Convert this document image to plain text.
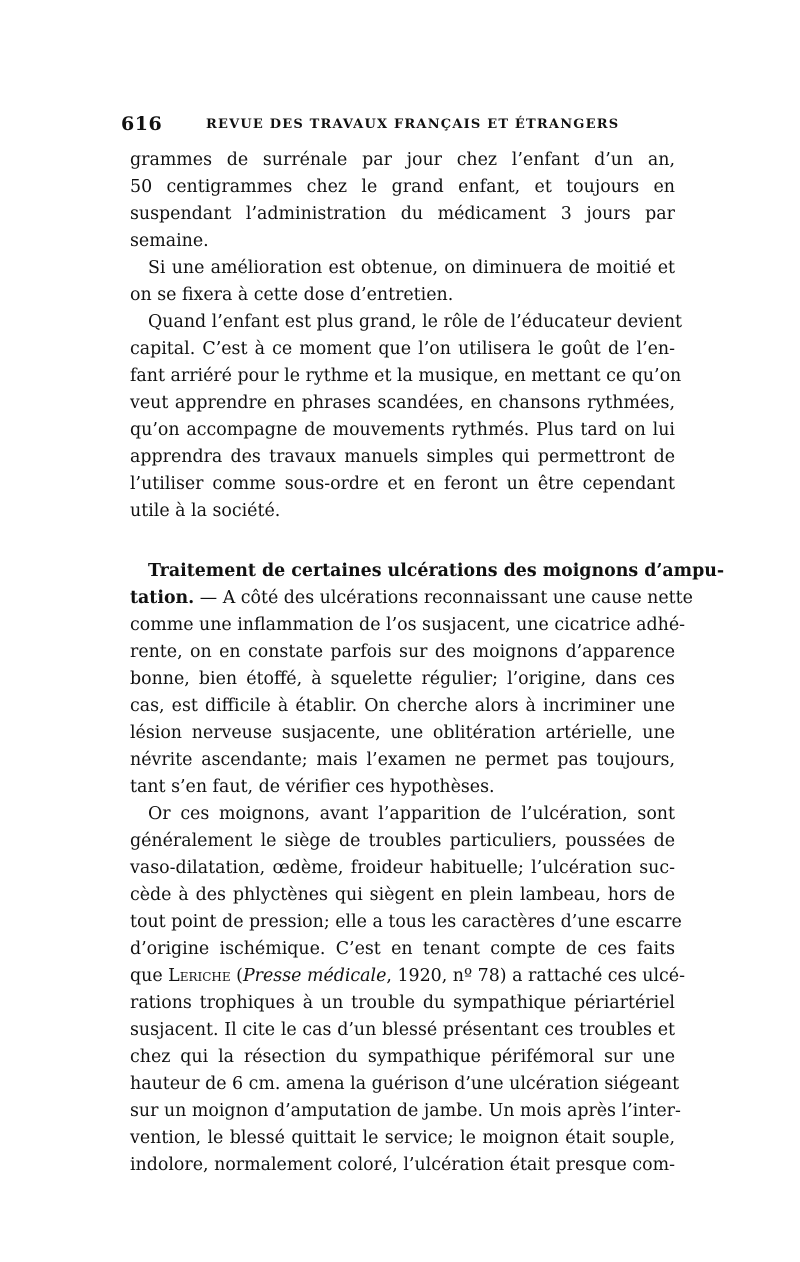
616	REVUE DES TRAVAUX FRANÇAIS ET ÉTRANGERS
grammes de surrénale par jour chez l’enfant d’un an,
50 centigrammes chez le grand enfant, et toujours en
suspendant l’administration du médicament 3 jours par
semaine.
Si une amélioration est obtenue, on diminuera de moitié et
on se fixera à cette dose d’entretien.
Quand l’enfant est plus grand, le rôle de l’éducateur devient
capital. C’est à ce moment que l’on utilisera le goût de l’en-
fant arriéré pour le rythme et la musique, en mettant ce qu’on
veut apprendre en phrases scandées, en chansons rythmées,
qu’on accompagne de mouvements rythmés. Plus tard on lui
apprendra des travaux manuels simples qui permettront de
l’utiliser comme sous-ordre et en feront un être cependant
utile à la société.
Traitement de certaines ulcérations des moignons d’ampu-
tation. — A côté des ulcérations reconnaissant une cause nette
comme une inflammation de l’os susjacent, une cicatrice adhé-
rente, on en constate parfois sur des moignons d’apparence
bonne, bien étoffé, à squelette régulier; l’origine, dans ces
cas, est difficile à établir. On cherche alors à incriminer une
lésion nerveuse susjacente, une oblitération artérielle, une
névrite ascendante; mais l’examen ne permet pas toujours,
tant s’en faut, de vérifier ces hypothèses.
Or ces moignons, avant l’apparition de l’ulcération, sont
généralement le siège de troubles particuliers, poussées de
vaso-dilatation, œdème, froideur habituelle; l’ulcération suc-
cède à des phlyctènes qui siègent en plein lambeau, hors de
tout point de pression; elle a tous les caractères d’une escarre
d’origine ischémique. C’est en tenant compte de ces faits
que Leriche (Presse médicale, 1920, nº 78) a rattaché ces ulcé-
rations trophiques à un trouble du sympathique périartériel
susjacent. Il cite le cas d’un blessé présentant ces troubles et
chez qui la résection du sympathique périfémoral sur une
hauteur de 6 cm. amena la guérison d’une ulcération siégeant
sur un moignon d’amputation de jambe. Un mois après l’inter-
vention, le blessé quittait le service; le moignon était souple,
indolore, normalement coloré, l’ulcération était presque com-
